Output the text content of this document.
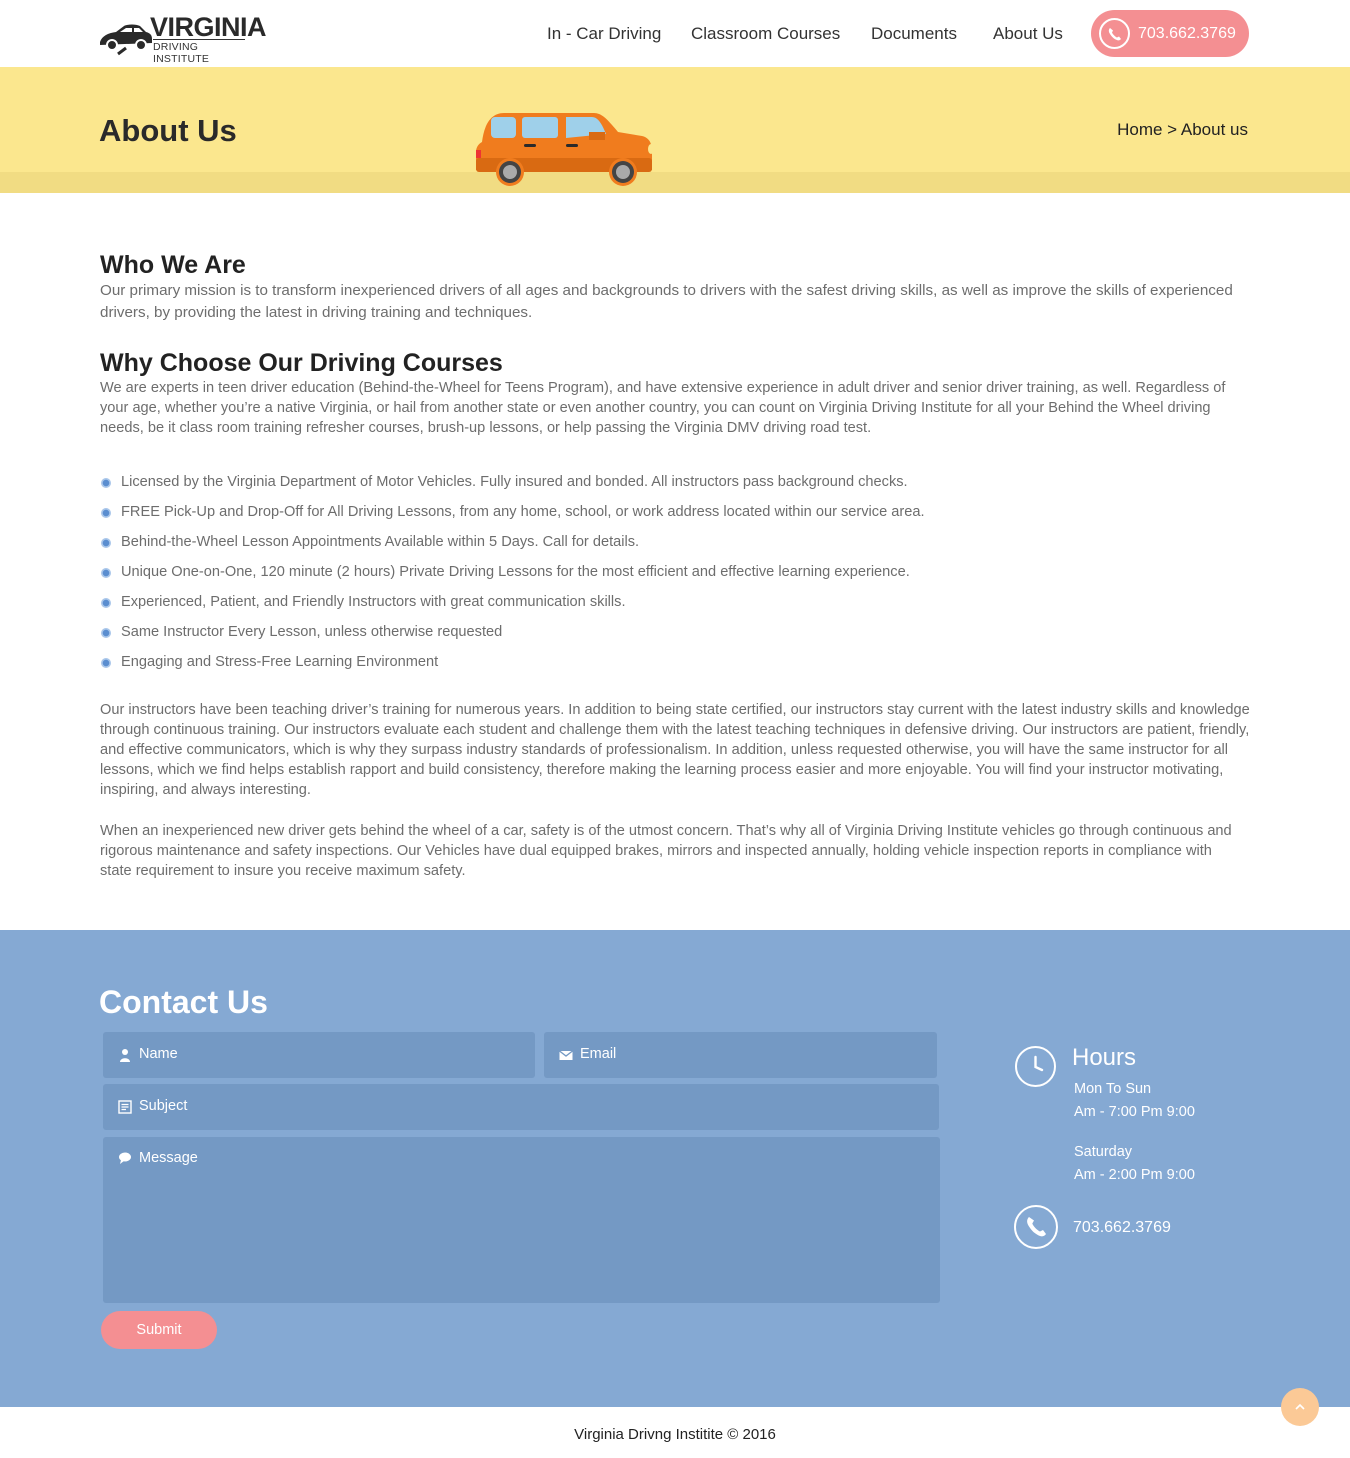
VIRGINIA
DRIVING INSTITUTE
In - Car Driving Classroom Courses Documents About Us	703.662.3769
About Us	Home > About us
Who We Are

Our primary mission is to transform inexperienced drivers of all ages and backgrounds to drivers with the safest driving skills, as well as improve the skills of experienced drivers, by providing the latest in driving training and techniques.

Why Choose Our Driving Courses

We are experts in teen driver education (Behind-the-Wheel for Teens Program), and have extensive experience in adult driver and senior driver training, as well. Regardless of your age, whether you’re a native Virginia, or hail from another state or even another country, you can count on Virginia Driving Institute for all your Behind the Wheel driving needs, be it class room training refresher courses, brush-up lessons, or help passing the Virginia DMV driving road test.

Licensed by the Virginia Department of Motor Vehicles. Fully insured and bonded. All instructors pass background checks.
FREE Pick-Up and Drop-Off for All Driving Lessons, from any home, school, or work address located within our service area.
Behind-the-Wheel Lesson Appointments Available within 5 Days. Call for details.
Unique One-on-One, 120 minute (2 hours) Private Driving Lessons for the most efficient and effective learning experience.
Experienced, Patient, and Friendly Instructors with great communication skills.
Same Instructor Every Lesson, unless otherwise requested
Engaging and Stress-Free Learning Environment

Our instructors have been teaching driver’s training for numerous years. In addition to being state certified, our instructors stay current with the latest industry skills and knowledge through continuous training. Our instructors evaluate each student and challenge them with the latest teaching techniques in defensive driving. Our instructors are patient, friendly, and effective communicators, which is why they surpass industry standards of professionalism. In addition, unless requested otherwise, you will have the same instructor for all lessons, which we find helps establish rapport and build consistency, therefore making the learning process easier and more enjoyable. You will find your instructor motivating, inspiring, and always interesting.

When an inexperienced new driver gets behind the wheel of a car, safety is of the utmost concern. That’s why all of Virginia Driving Institute vehicles go through continuous and rigorous maintenance and safety inspections. Our Vehicles have dual equipped brakes, mirrors and inspected annually, holding vehicle inspection reports in compliance with state requirement to insure you receive maximum safety.

Contact Us
Name	Email
Subject
Message
Submit
Hours
Mon To Sun
Am - 7:00 Pm 9:00
Saturday
Am - 2:00 Pm 9:00
703.662.3769
Virginia Drivng Institite © 2016
